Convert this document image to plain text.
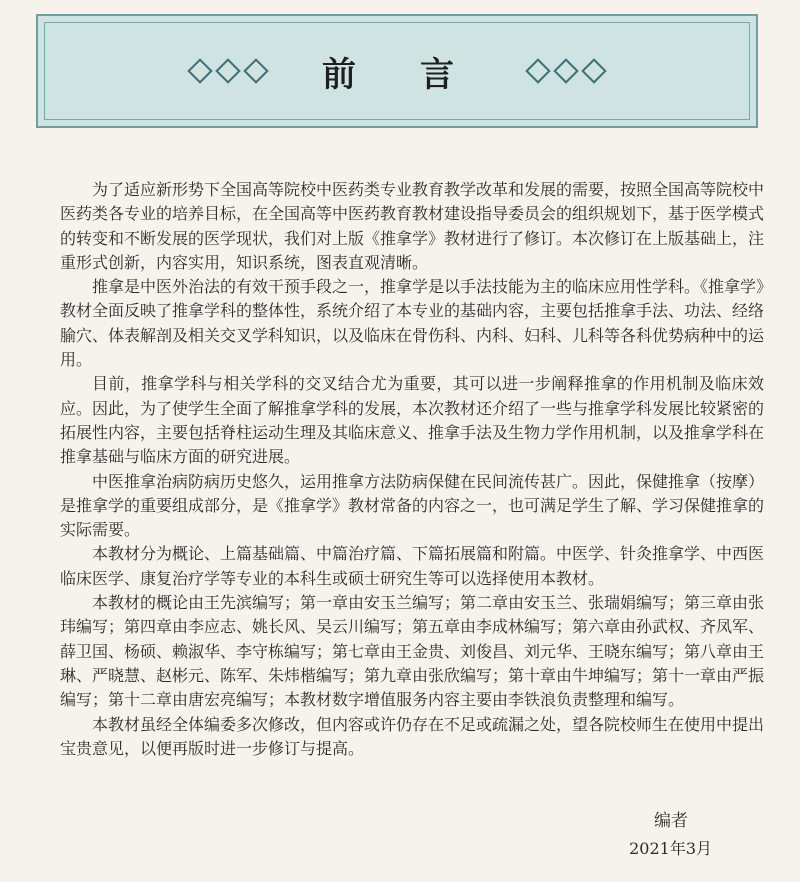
前言

为了适应新形势下全国高等院校中医药类专业教育教学改革和发展的需要，按照全国高等院校中医药类各专业的培养目标，在全国高等中医药教育教材建设指导委员会的组织规划下，基于医学模式的转变和不断发展的医学现状，我们对上版《推拿学》教材进行了修订。本次修订在上版基础上，注重形式创新，内容实用，知识系统，图表直观清晰。

推拿是中医外治法的有效干预手段之一，推拿学是以手法技能为主的临床应用性学科。《推拿学》教材全面反映了推拿学科的整体性，系统介绍了本专业的基础内容，主要包括推拿手法、功法、经络腧穴、体表解剖及相关交叉学科知识，以及临床在骨伤科、内科、妇科、儿科等各科优势病种中的运用。

目前，推拿学科与相关学科的交叉结合尤为重要，其可以进一步阐释推拿的作用机制及临床效应。因此，为了使学生全面了解推拿学科的发展，本次教材还介绍了一些与推拿学科发展比较紧密的拓展性内容，主要包括脊柱运动生理及其临床意义、推拿手法及生物力学作用机制，以及推拿学科在推拿基础与临床方面的研究进展。

中医推拿治病防病历史悠久，运用推拿方法防病保健在民间流传甚广。因此，保健推拿（按摩）是推拿学的重要组成部分，是《推拿学》教材常备的内容之一，也可满足学生了解、学习保健推拿的实际需要。

本教材分为概论、上篇基础篇、中篇治疗篇、下篇拓展篇和附篇。中医学、针灸推拿学、中西医临床医学、康复治疗学等专业的本科生或硕士研究生等可以选择使用本教材。

本教材的概论由王先滨编写；第一章由安玉兰编写；第二章由安玉兰、张瑞娟编写；第三章由张玮编写；第四章由李应志、姚长风、吴云川编写；第五章由李成林编写；第六章由孙武权、齐凤军、薛卫国、杨硕、赖淑华、李守栋编写；第七章由王金贵、刘俊昌、刘元华、王晓东编写；第八章由王琳、严晓慧、赵彬元、陈军、朱炜楷编写；第九章由张欣编写；第十章由牛坤编写；第十一章由严振编写；第十二章由唐宏亮编写；本教材数字增值服务内容主要由李铁浪负责整理和编写。

本教材虽经全体编委多次修改，但内容或许仍存在不足或疏漏之处，望各院校师生在使用中提出宝贵意见，以便再版时进一步修订与提高。

编者
2021年3月
